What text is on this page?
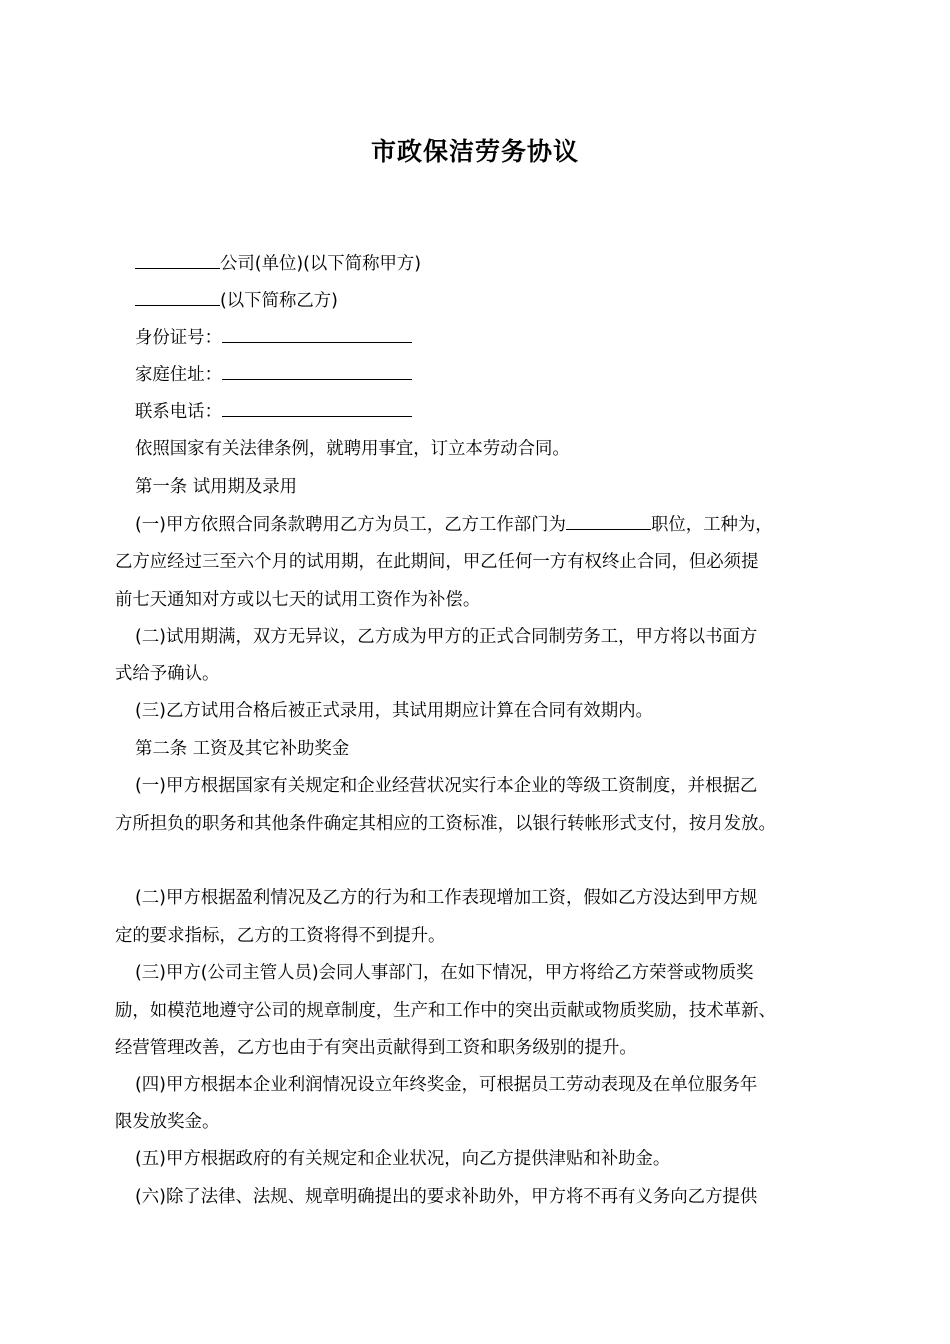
市政保洁劳务协议
公司(单位)(以下简称甲方)
(以下简称乙方)
身份证号：
家庭住址：
联系电话：
依照国家有关法律条例，就聘用事宜，订立本劳动合同。
第一条 试用期及录用
(一)甲方依照合同条款聘用乙方为员工，乙方工作部门为	职位，工种为，
乙方应经过三至六个月的试用期，在此期间，甲乙任何一方有权终止合同，但必须提
前七天通知对方或以七天的试用工资作为补偿。
(二)试用期满，双方无异议，乙方成为甲方的正式合同制劳务工，甲方将以书面方
式给予确认。
(三)乙方试用合格后被正式录用，其试用期应计算在合同有效期内。
第二条 工资及其它补助奖金
(一)甲方根据国家有关规定和企业经营状况实行本企业的等级工资制度，并根据乙
方所担负的职务和其他条件确定其相应的工资标准，以银行转帐形式支付，按月发放。
(二)甲方根据盈利情况及乙方的行为和工作表现增加工资，假如乙方没达到甲方规
定的要求指标，乙方的工资将得不到提升。
(三)甲方(公司主管人员)会同人事部门，在如下情况，甲方将给乙方荣誉或物质奖
励，如模范地遵守公司的规章制度，生产和工作中的突出贡献或物质奖励，技术革新、
经营管理改善，乙方也由于有突出贡献得到工资和职务级别的提升。
(四)甲方根据本企业利润情况设立年终奖金，可根据员工劳动表现及在单位服务年
限发放奖金。
(五)甲方根据政府的有关规定和企业状况，向乙方提供津贴和补助金。
(六)除了法律、法规、规章明确提出的要求补助外，甲方将不再有义务向乙方提供
